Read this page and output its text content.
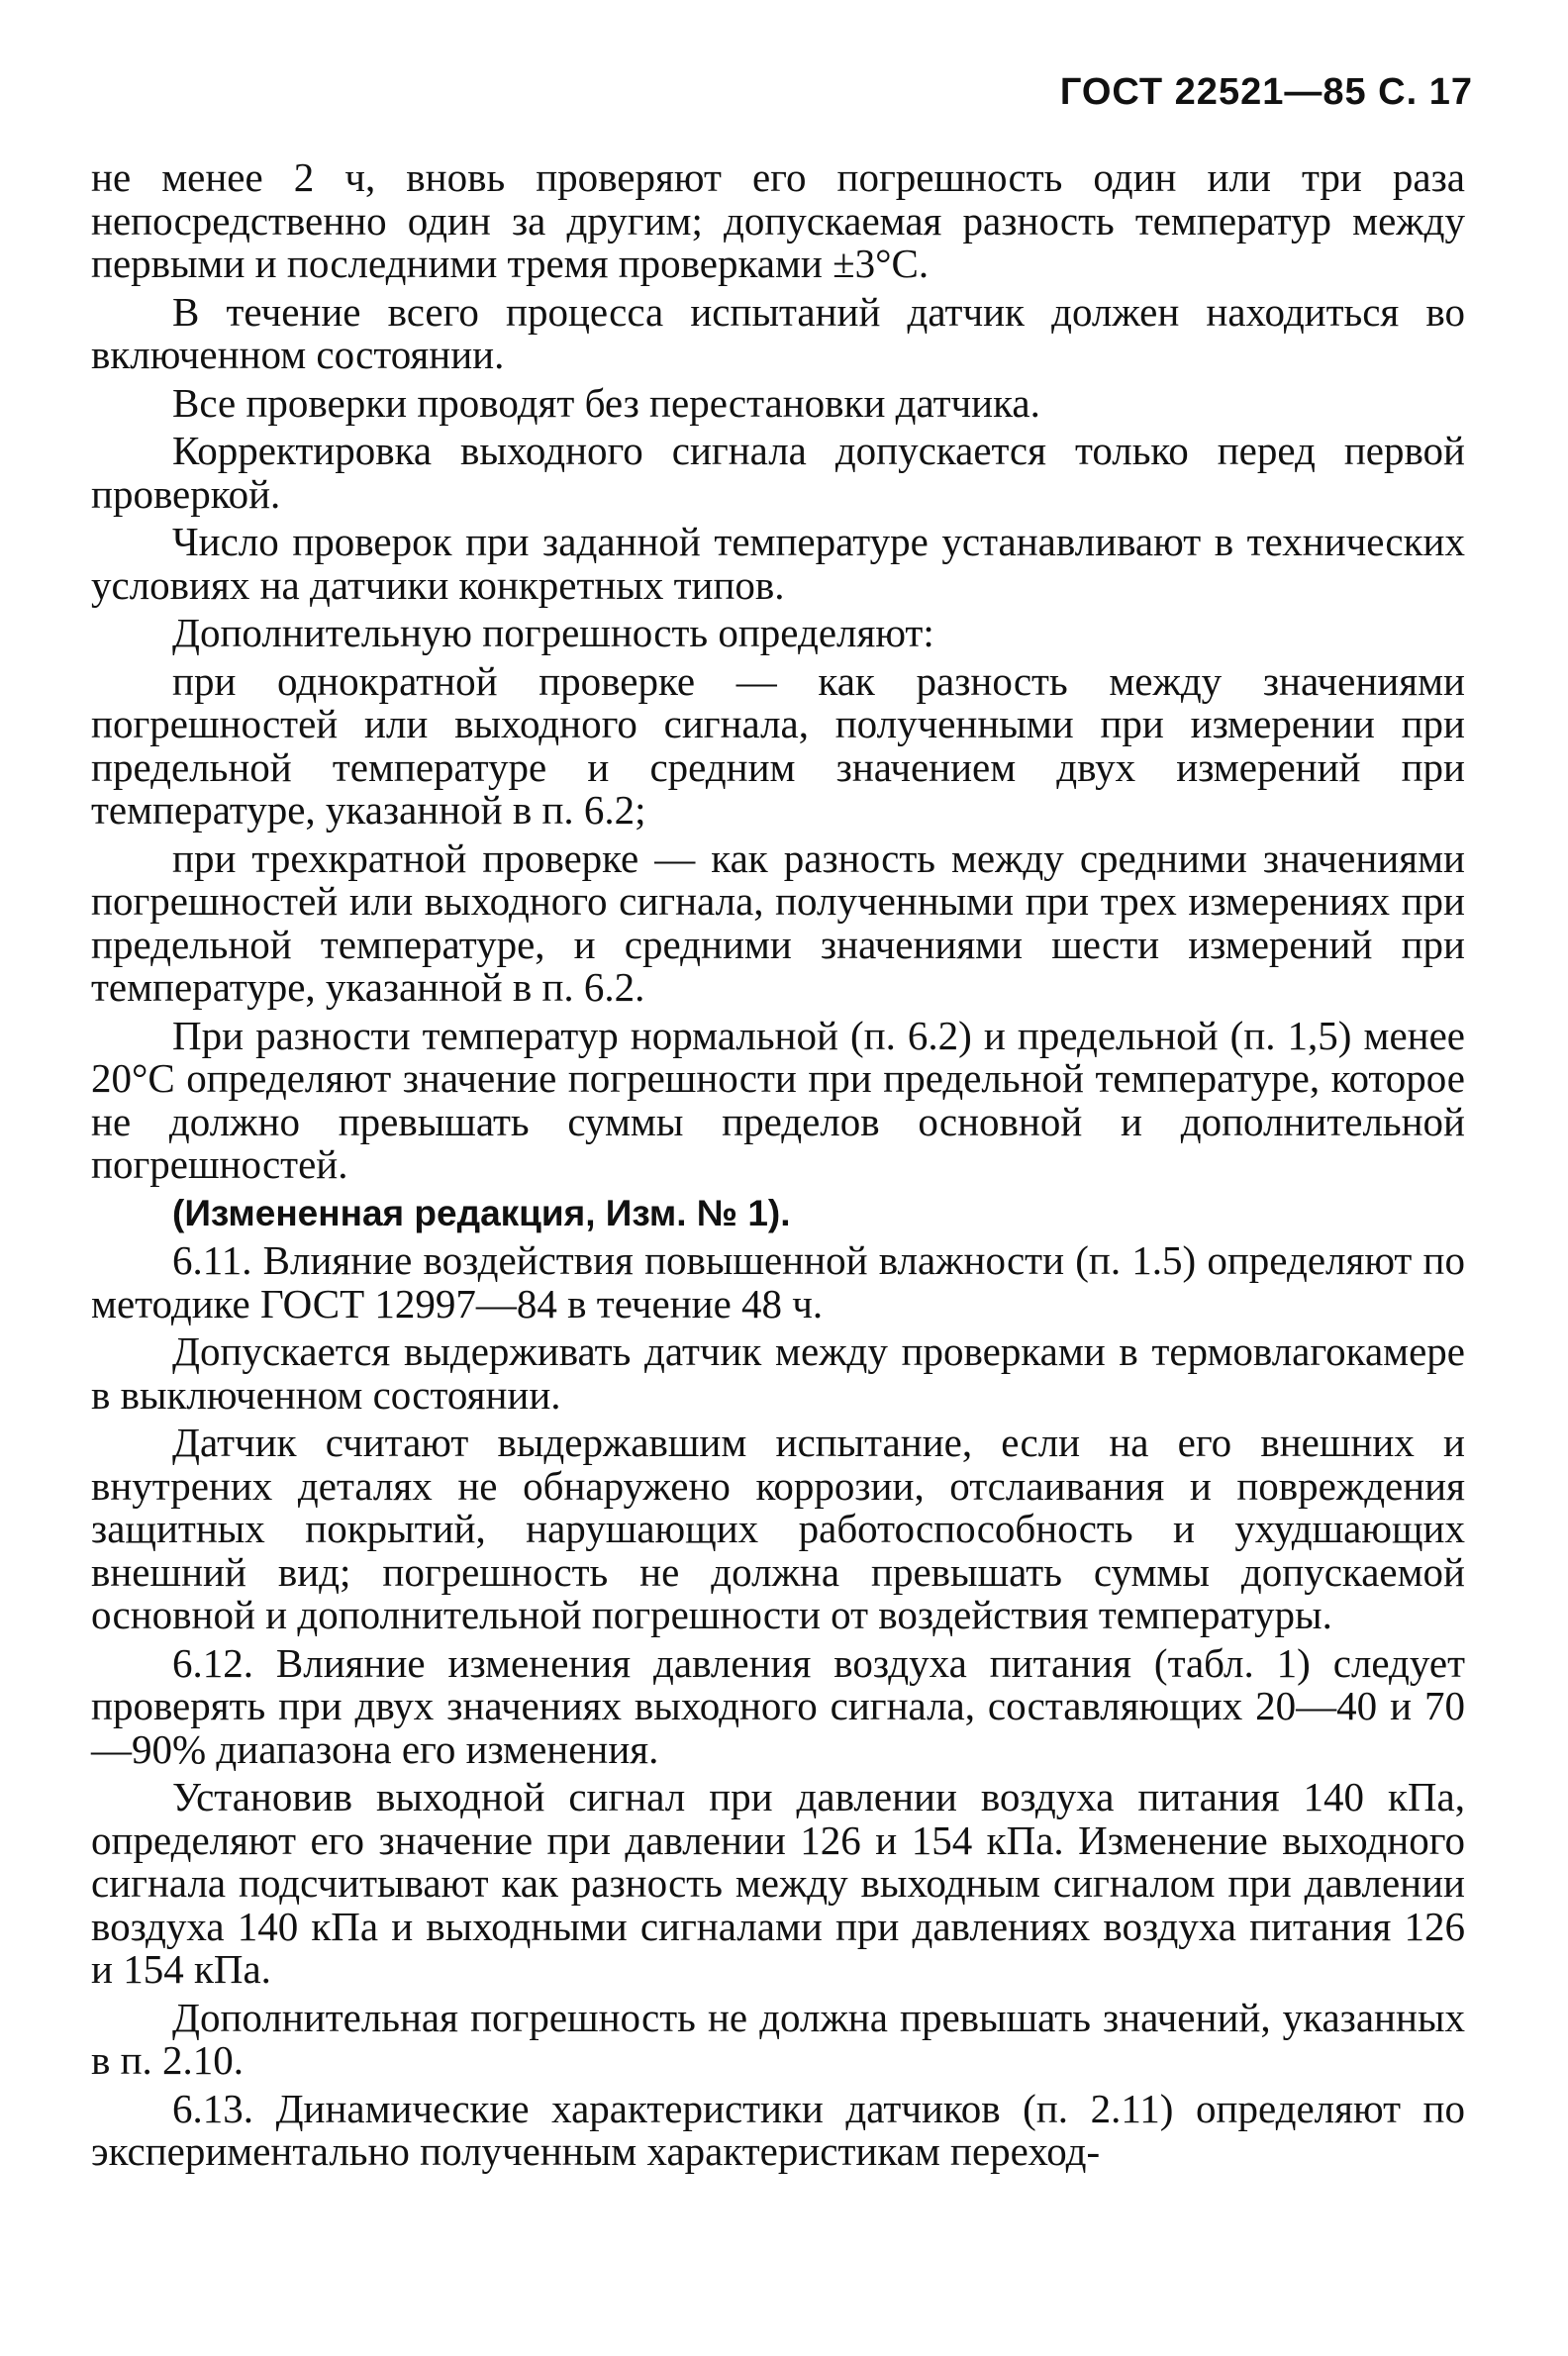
ГОСТ 22521—85 С. 17

не менее 2 ч, вновь проверяют его погрешность один или три раза непосредственно один за другим; допускаемая разность температур между первыми и последними тремя проверками ±3°С.

В течение всего процесса испытаний датчик должен находиться во включенном состоянии.

Все проверки проводят без перестановки датчика.

Корректировка выходного сигнала допускается только перед первой проверкой.

Число проверок при заданной температуре устанавливают в технических условиях на датчики конкретных типов.

Дополнительную погрешность определяют:

при однократной проверке — как разность между значениями погрешностей или выходного сигнала, полученными при измерении при предельной температуре и средним значением двух измерений при температуре, указанной в п. 6.2;

при трехкратной проверке — как разность между средними значениями погрешностей или выходного сигнала, полученными при трех измерениях при предельной температуре, и средними значениями шести измерений при температуре, указанной в п. 6.2.

При разности температур нормальной (п. 6.2) и предельной (п. 1,5) менее 20°С определяют значение погрешности при предельной температуре, которое не должно превышать суммы пределов основной и дополнительной погрешностей.

(Измененная редакция, Изм. № 1).

6.11. Влияние воздействия повышенной влажности (п. 1.5) определяют по методике ГОСТ 12997—84 в течение 48 ч.

Допускается выдерживать датчик между проверками в термовлагокамере в выключенном состоянии.

Датчик считают выдержавшим испытание, если на его внешних и внутрених деталях не обнаружено коррозии, отслаивания и повреждения защитных покрытий, нарушающих работоспособность и ухудшающих внешний вид; погрешность не должна превышать суммы допускаемой основной и дополнительной погрешности от воздействия температуры.

6.12. Влияние изменения давления воздуха питания (табл. 1) следует проверять при двух значениях выходного сигнала, составляющих 20—40 и 70—90% диапазона его изменения.

Установив выходной сигнал при давлении воздуха питания 140 кПа, определяют его значение при давлении 126 и 154 кПа. Изменение выходного сигнала подсчитывают как разность между выходным сигналом при давлении воздуха 140 кПа и выходными сигналами при давлениях воздуха питания 126 и 154 кПа.

Дополнительная погрешность не должна превышать значений, указанных в п. 2.10.

6.13. Динамические характеристики датчиков (п. 2.11) определяют по экспериментально полученным характеристикам переход-
